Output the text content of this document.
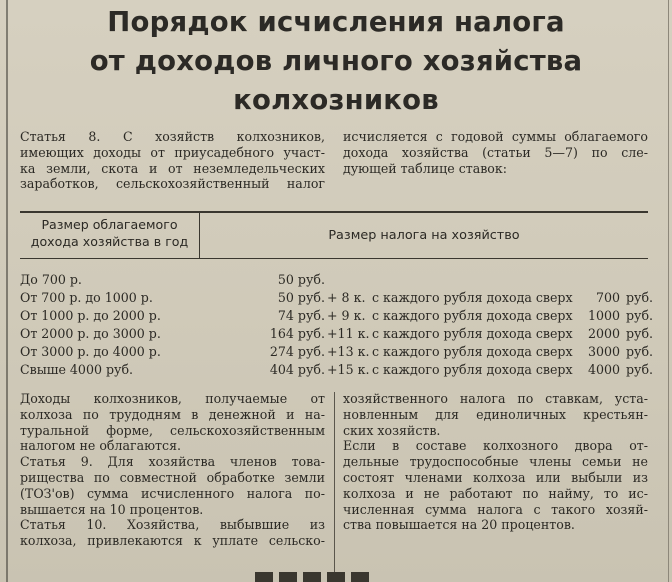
Порядок исчисления налога
от доходов личного хозяйства
колхозников
Статья 8. С хозяйств колхозников,
имеющих доходы от приусадебного участ-
ка земли, скота и от неземледельческих
заработков, сельскохозяйственный налог
исчисляется с годовой суммы облагаемого
дохода хозяйства (статьи 5—7) по сле-
дующей таблице ставок:
Размер облагаемого
дохода хозяйства в год	Размер налога на хозяйство
До 700 р.	50 руб.
От 700 р. до 1000 р.	50 руб. + 8 к. с каждого рубля дохода сверх	700 руб.
От 1000 р. до 2000 р.	74 руб. + 9 к. с каждого рубля дохода сверх	1000 руб.
От 2000 р. до 3000 р.	164 руб. +11 к. с каждого рубля дохода сверх	2000 руб.
От 3000 р. до 4000 р.	274 руб. +13 к. с каждого рубля дохода сверх	3000 руб.
Свыше 4000 руб.	404 руб. +15 к. с каждого рубля дохода сверх	4000 руб.
Доходы колхозников, получаемые от
колхоза по трудодням в денежной и на-
туральной форме, сельскохозяйственным
налогом не облагаются.
Статья 9. Для хозяйства членов това-
рищества по совместной обработке земли
(ТОЗ'ов) сумма исчисленного налога по-
вышается на 10 процентов.
Статья 10. Хозяйства, выбывшие из
колхоза, привлекаются к уплате сельско-
хозяйственного налога по ставкам, уста-
новленным для единоличных крестьян-
ских хозяйств.
Если в составе колхозного двора от-
дельные трудоспособные члены семьи не
состоят членами колхоза или выбыли из
колхоза и не работают по найму, то ис-
численная сумма налога с такого хозяй-
ства повышается на 20 процентов.
